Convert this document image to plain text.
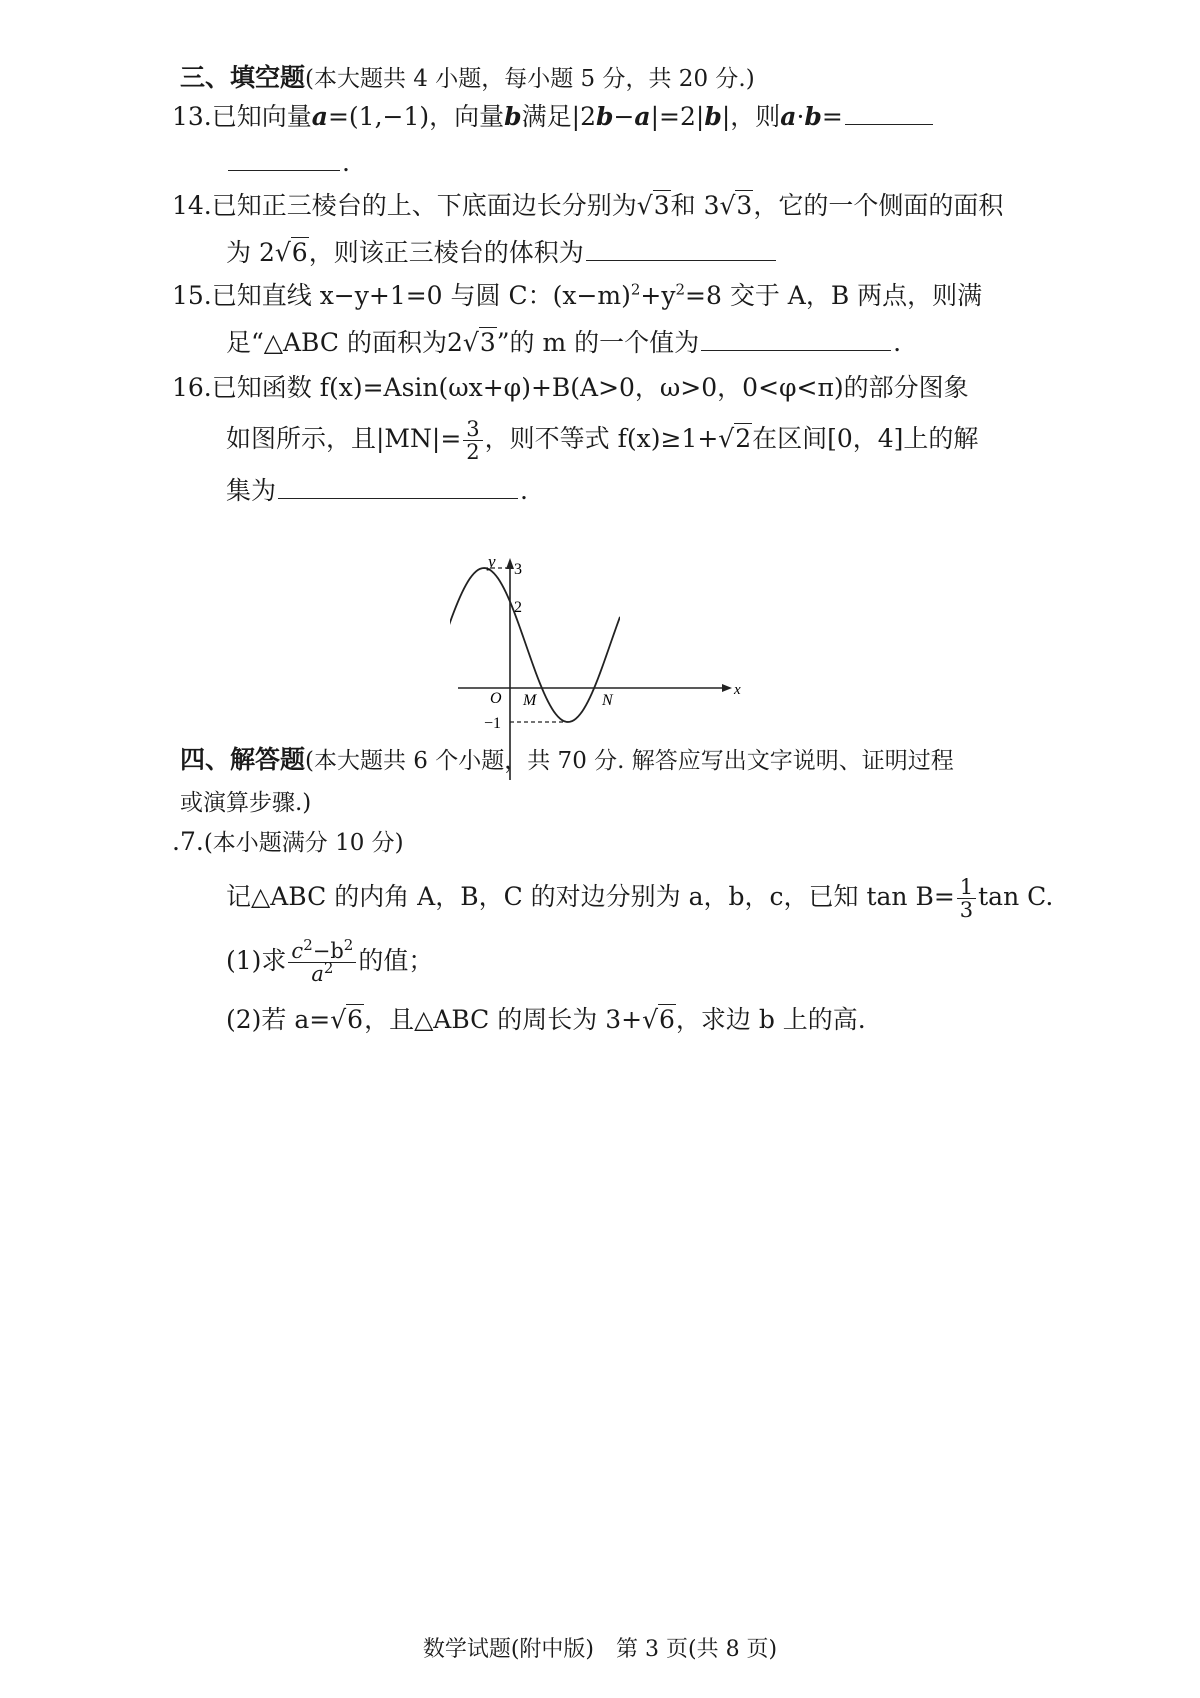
三、填空题(本大题共 4 小题，每小题 5 分，共 20 分.)
13.已知向量a=(1,−1)，向量b满足|2b−a|=2|b|，则a·b=
.
14.已知正三棱台的上、下底面边长分别为√3和 3√3，它的一个侧面的面积
为 2√6，则该正三棱台的体积为
15.已知直线 x−y+1=0 与圆 C：$(x-m)^2+y^2=8$ 交于 A，B 两点，则满
足“△ABC 的面积为2√3”的 m 的一个值为	.
16.已知函数 f(x)=Asin(ωx+φ)+B(A>0，ω>0，0<φ<π)的部分图象
如图所示，且$|MN|= \frac{3}{2}$ ，则不等式 f(x)≥1+√2在区间[0，4]上的解
集为	.
y
x
O M	N
3
2
−1
四、解答题(本大题共 6 个小题，共 70 分. 解答应写出文字说明、证明过程
或演算步骤.)
.7.(本小题满分 10 分)
记△ABC 的内角 A，B，C 的对边分别为 a，b，c，已知 $\tan B= \frac{1}{3}$ tan C.
(1)求 $\frac{c^2-b^2}{a^2}$ 的值；
(2)若 a=√6，且△ABC 的周长为 3+√6，求边 b 上的高.
数学试题(附中版)　第 3 页(共 8 页)
